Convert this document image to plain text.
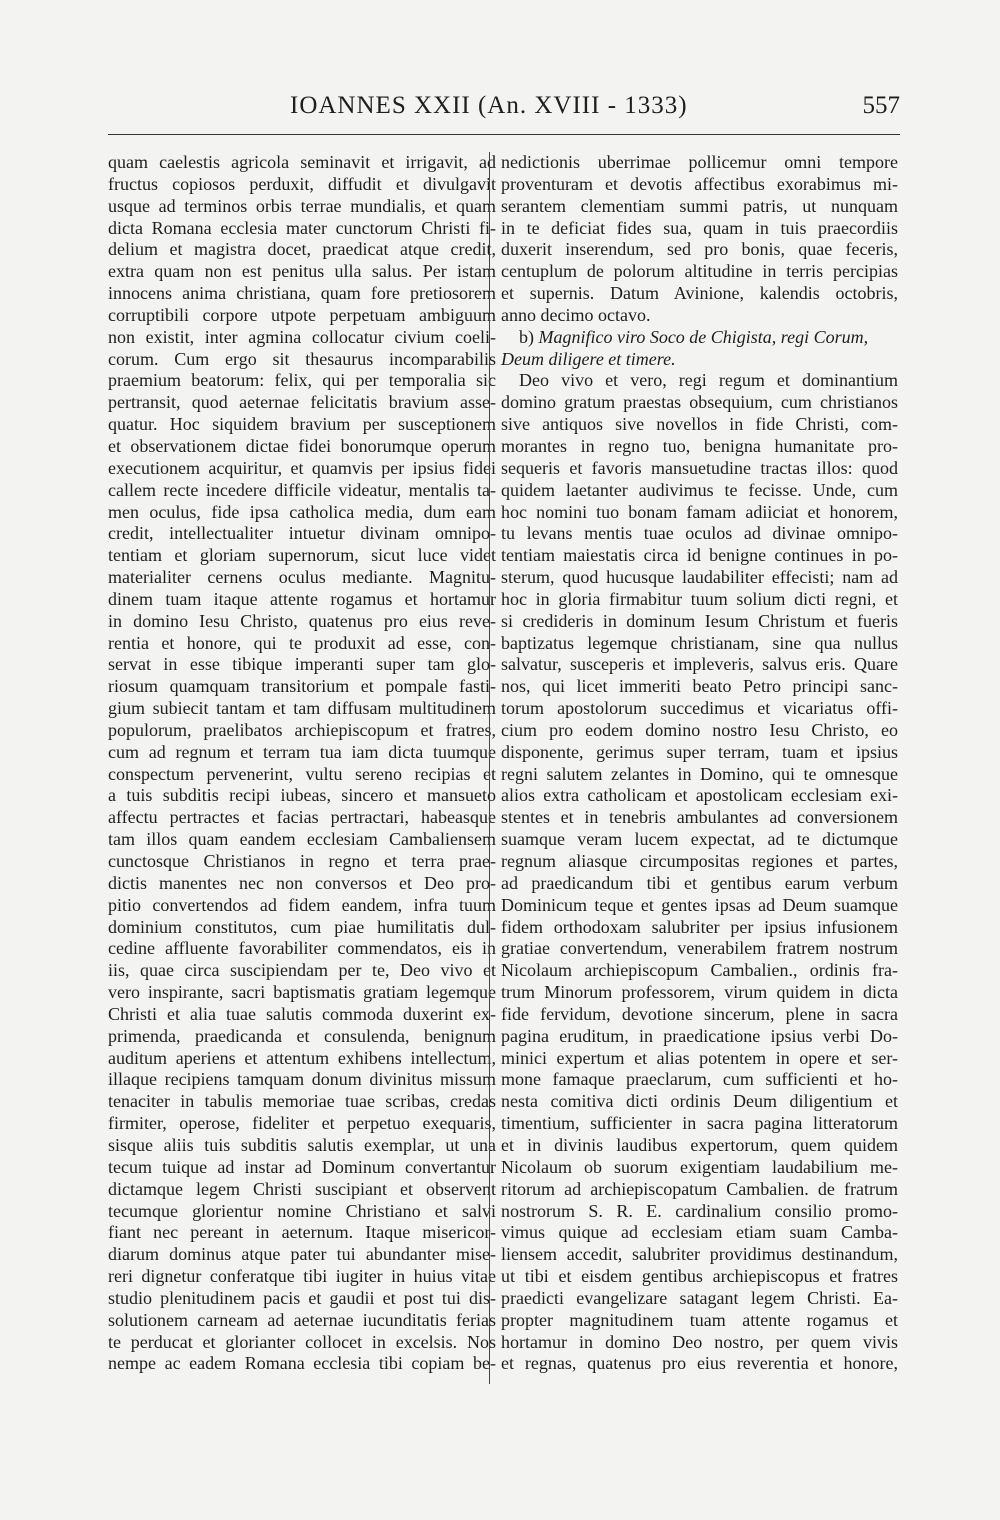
IOANNES XXII (An. XVIII - 1333)	557
quam caelestis agricola seminavit et irrigavit, ad
fructus copiosos perduxit, diffudit et divulgavit
usque ad terminos orbis terrae mundialis, et quam
dicta Romana ecclesia mater cunctorum Christi fi-
delium et magistra docet, praedicat atque credit,
extra quam non est penitus ulla salus. Per istam
innocens anima christiana, quam fore pretiosorem
corruptibili corpore utpote perpetuam ambiguum
non existit, inter agmina collocatur civium coeli-
corum. Cum ergo sit thesaurus incomparabilis
praemium beatorum: felix, qui per temporalia sic
pertransit, quod aeternae felicitatis bravium asse-
quatur. Hoc siquidem bravium per susceptionem
et observationem dictae fidei bonorumque operum
executionem acquiritur, et quamvis per ipsius fidei
callem recte incedere difficile videatur, mentalis ta-
men oculus, fide ipsa catholica media, dum eam
credit, intellectualiter intuetur divinam omnipo-
tentiam et gloriam supernorum, sicut luce videt
materialiter cernens oculus mediante. Magnitu-
dinem tuam itaque attente rogamus et hortamur
in domino Iesu Christo, quatenus pro eius reve-
rentia et honore, qui te produxit ad esse, con-
servat in esse tibique imperanti super tam glo-
riosum quamquam transitorium et pompale fasti-
gium subiecit tantam et tam diffusam multitudinem
populorum, praelibatos archiepiscopum et fratres,
cum ad regnum et terram tua iam dicta tuumque
conspectum pervenerint, vultu sereno recipias et
a tuis subditis recipi iubeas, sincero et mansueto
affectu pertractes et facias pertractari, habeasque
tam illos quam eandem ecclesiam Cambaliensem
cunctosque Christianos in regno et terra prae-
dictis manentes nec non conversos et Deo pro-
pitio convertendos ad fidem eandem, infra tuum
dominium constitutos, cum piae humilitatis dul-
cedine affluente favorabiliter commendatos, eis in
iis, quae circa suscipiendam per te, Deo vivo et
vero inspirante, sacri baptismatis gratiam legemque
Christi et alia tuae salutis commoda duxerint ex-
primenda, praedicanda et consulenda, benignum
auditum aperiens et attentum exhibens intellectum,
illaque recipiens tamquam donum divinitus missum
tenaciter in tabulis memoriae tuae scribas, credas
firmiter, operose, fideliter et perpetuo exequaris,
sisque aliis tuis subditis salutis exemplar, ut una
tecum tuique ad instar ad Dominum convertantur
dictamque legem Christi suscipiant et observent
tecumque glorientur nomine Christiano et salvi
fiant nec pereant in aeternum. Itaque misericor-
diarum dominus atque pater tui abundanter mise-
reri dignetur conferatque tibi iugiter in huius vitae
studio plenitudinem pacis et gaudii et post tui dis-
solutionem carneam ad aeternae iucunditatis ferias
te perducat et glorianter collocet in excelsis. Nos
nempe ac eadem Romana ecclesia tibi copiam be-
nedictionis uberrimae pollicemur omni tempore
proventuram et devotis affectibus exorabimus mi-
serantem clementiam summi patris, ut nunquam
in te deficiat fides sua, quam in tuis praecordiis
duxerit inserendum, sed pro bonis, quae feceris,
centuplum de polorum altitudine in terris percipias
et supernis. Datum Avinione, kalendis octobris,
anno decimo octavo.
b) Magnifico viro Soco de Chigista, regi Corum,
Deum diligere et timere.
Deo vivo et vero, regi regum et dominantium
domino gratum praestas obsequium, cum christianos
sive antiquos sive novellos in fide Christi, com-
morantes in regno tuo, benigna humanitate pro-
sequeris et favoris mansuetudine tractas illos: quod
quidem laetanter audivimus te fecisse. Unde, cum
hoc nomini tuo bonam famam adiiciat et honorem,
tu levans mentis tuae oculos ad divinae omnipo-
tentiam maiestatis circa id benigne continues in po-
sterum, quod hucusque laudabiliter effecisti; nam ad
hoc in gloria firmabitur tuum solium dicti regni, et
si credideris in dominum Iesum Christum et fueris
baptizatus legemque christianam, sine qua nullus
salvatur, susceperis et impleveris, salvus eris. Quare
nos, qui licet immeriti beato Petro principi sanc-
torum apostolorum succedimus et vicariatus offi-
cium pro eodem domino nostro Iesu Christo, eo
disponente, gerimus super terram, tuam et ipsius
regni salutem zelantes in Domino, qui te omnesque
alios extra catholicam et apostolicam ecclesiam exi-
stentes et in tenebris ambulantes ad conversionem
suamque veram lucem expectat, ad te dictumque
regnum aliasque circumpositas regiones et partes,
ad praedicandum tibi et gentibus earum verbum
Dominicum teque et gentes ipsas ad Deum suamque
fidem orthodoxam salubriter per ipsius infusionem
gratiae convertendum, venerabilem fratrem nostrum
Nicolaum archiepiscopum Cambalien., ordinis fra-
trum Minorum professorem, virum quidem in dicta
fide fervidum, devotione sincerum, plene in sacra
pagina eruditum, in praedicatione ipsius verbi Do-
minici expertum et alias potentem in opere et ser-
mone famaque praeclarum, cum sufficienti et ho-
nesta comitiva dicti ordinis Deum diligentium et
timentium, sufficienter in sacra pagina litteratorum
et in divinis laudibus expertorum, quem quidem
Nicolaum ob suorum exigentiam laudabilium me-
ritorum ad archiepiscopatum Cambalien. de fratrum
nostrorum S. R. E. cardinalium consilio promo-
vimus quique ad ecclesiam etiam suam Camba-
liensem accedit, salubriter providimus destinandum,
ut tibi et eisdem gentibus archiepiscopus et fratres
praedicti evangelizare satagant legem Christi. Ea-
propter magnitudinem tuam attente rogamus et
hortamur in domino Deo nostro, per quem vivis
et regnas, quatenus pro eius reverentia et honore,
